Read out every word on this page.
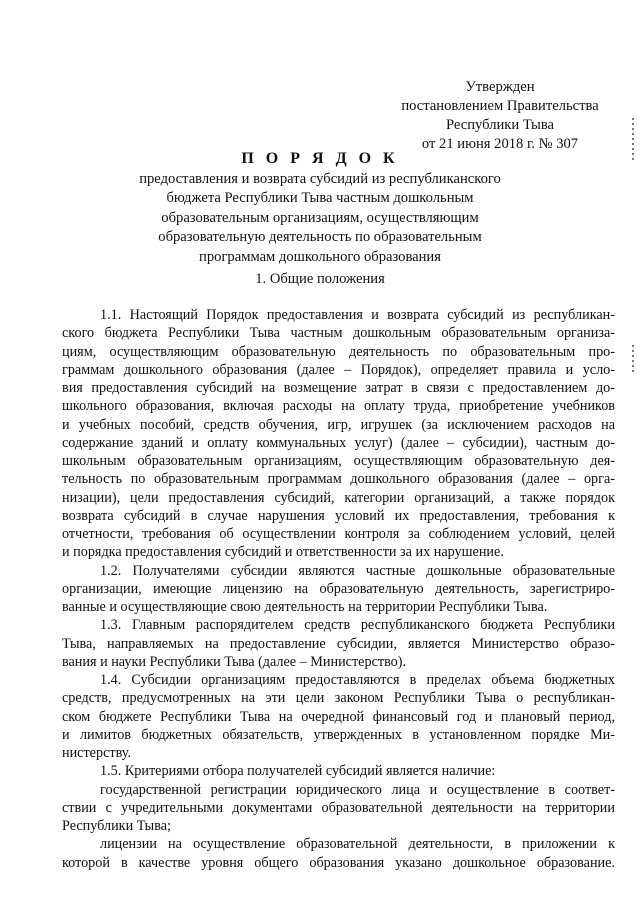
Утвержден
постановлением Правительства
Республики Тыва
от 21 июня 2018 г. № 307
П О Р Я Д О К
предоставления и возврата субсидий из республиканского
бюджета Республики Тыва частным дошкольным
образовательным организациям, осуществляющим
образовательную деятельность по образовательным
программам дошкольного образования
1. Общие положения
1.1. Настоящий Порядок предоставления и возврата субсидий из республикан-
ского бюджета Республики Тыва частным дошкольным образовательным организа-
циям, осуществляющим образовательную деятельность по образовательным про-
граммам дошкольного образования (далее – Порядок), определяет правила и усло-
вия предоставления субсидий на возмещение затрат в связи с предоставлением до-
школьного образования, включая расходы на оплату труда, приобретение учебников
и учебных пособий, средств обучения, игр, игрушек (за исключением расходов на
содержание зданий и оплату коммунальных услуг) (далее – субсидии), частным до-
школьным образовательным организациям, осуществляющим образовательную дея-
тельность по образовательным программам дошкольного образования (далее – орга-
низации), цели предоставления субсидий, категории организаций, а также порядок
возврата субсидий в случае нарушения условий их предоставления, требования к
отчетности, требования об осуществлении контроля за соблюдением условий, целей
и порядка предоставления субсидий и ответственности за их нарушение.
1.2. Получателями субсидии являются частные дошкольные образовательные
организации, имеющие лицензию на образовательную деятельность, зарегистриро-
ванные и осуществляющие свою деятельность на территории Республики Тыва.
1.3. Главным распорядителем средств республиканского бюджета Республики
Тыва, направляемых на предоставление субсидии, является Министерство образо-
вания и науки Республики Тыва (далее – Министерство).
1.4. Субсидии организациям предоставляются в пределах объема бюджетных
средств, предусмотренных на эти цели законом Республики Тыва о республикан-
ском бюджете Республики Тыва на очередной финансовый год и плановый период,
и лимитов бюджетных обязательств, утвержденных в установленном порядке Ми-
нистерству.
1.5. Критериями отбора получателей субсидий является наличие:
государственной регистрации юридического лица и осуществление в соответ-
ствии с учредительными документами образовательной деятельности на территории
Республики Тыва;
лицензии на осуществление образовательной деятельности, в приложении к
которой в качестве уровня общего образования указано дошкольное образование.
